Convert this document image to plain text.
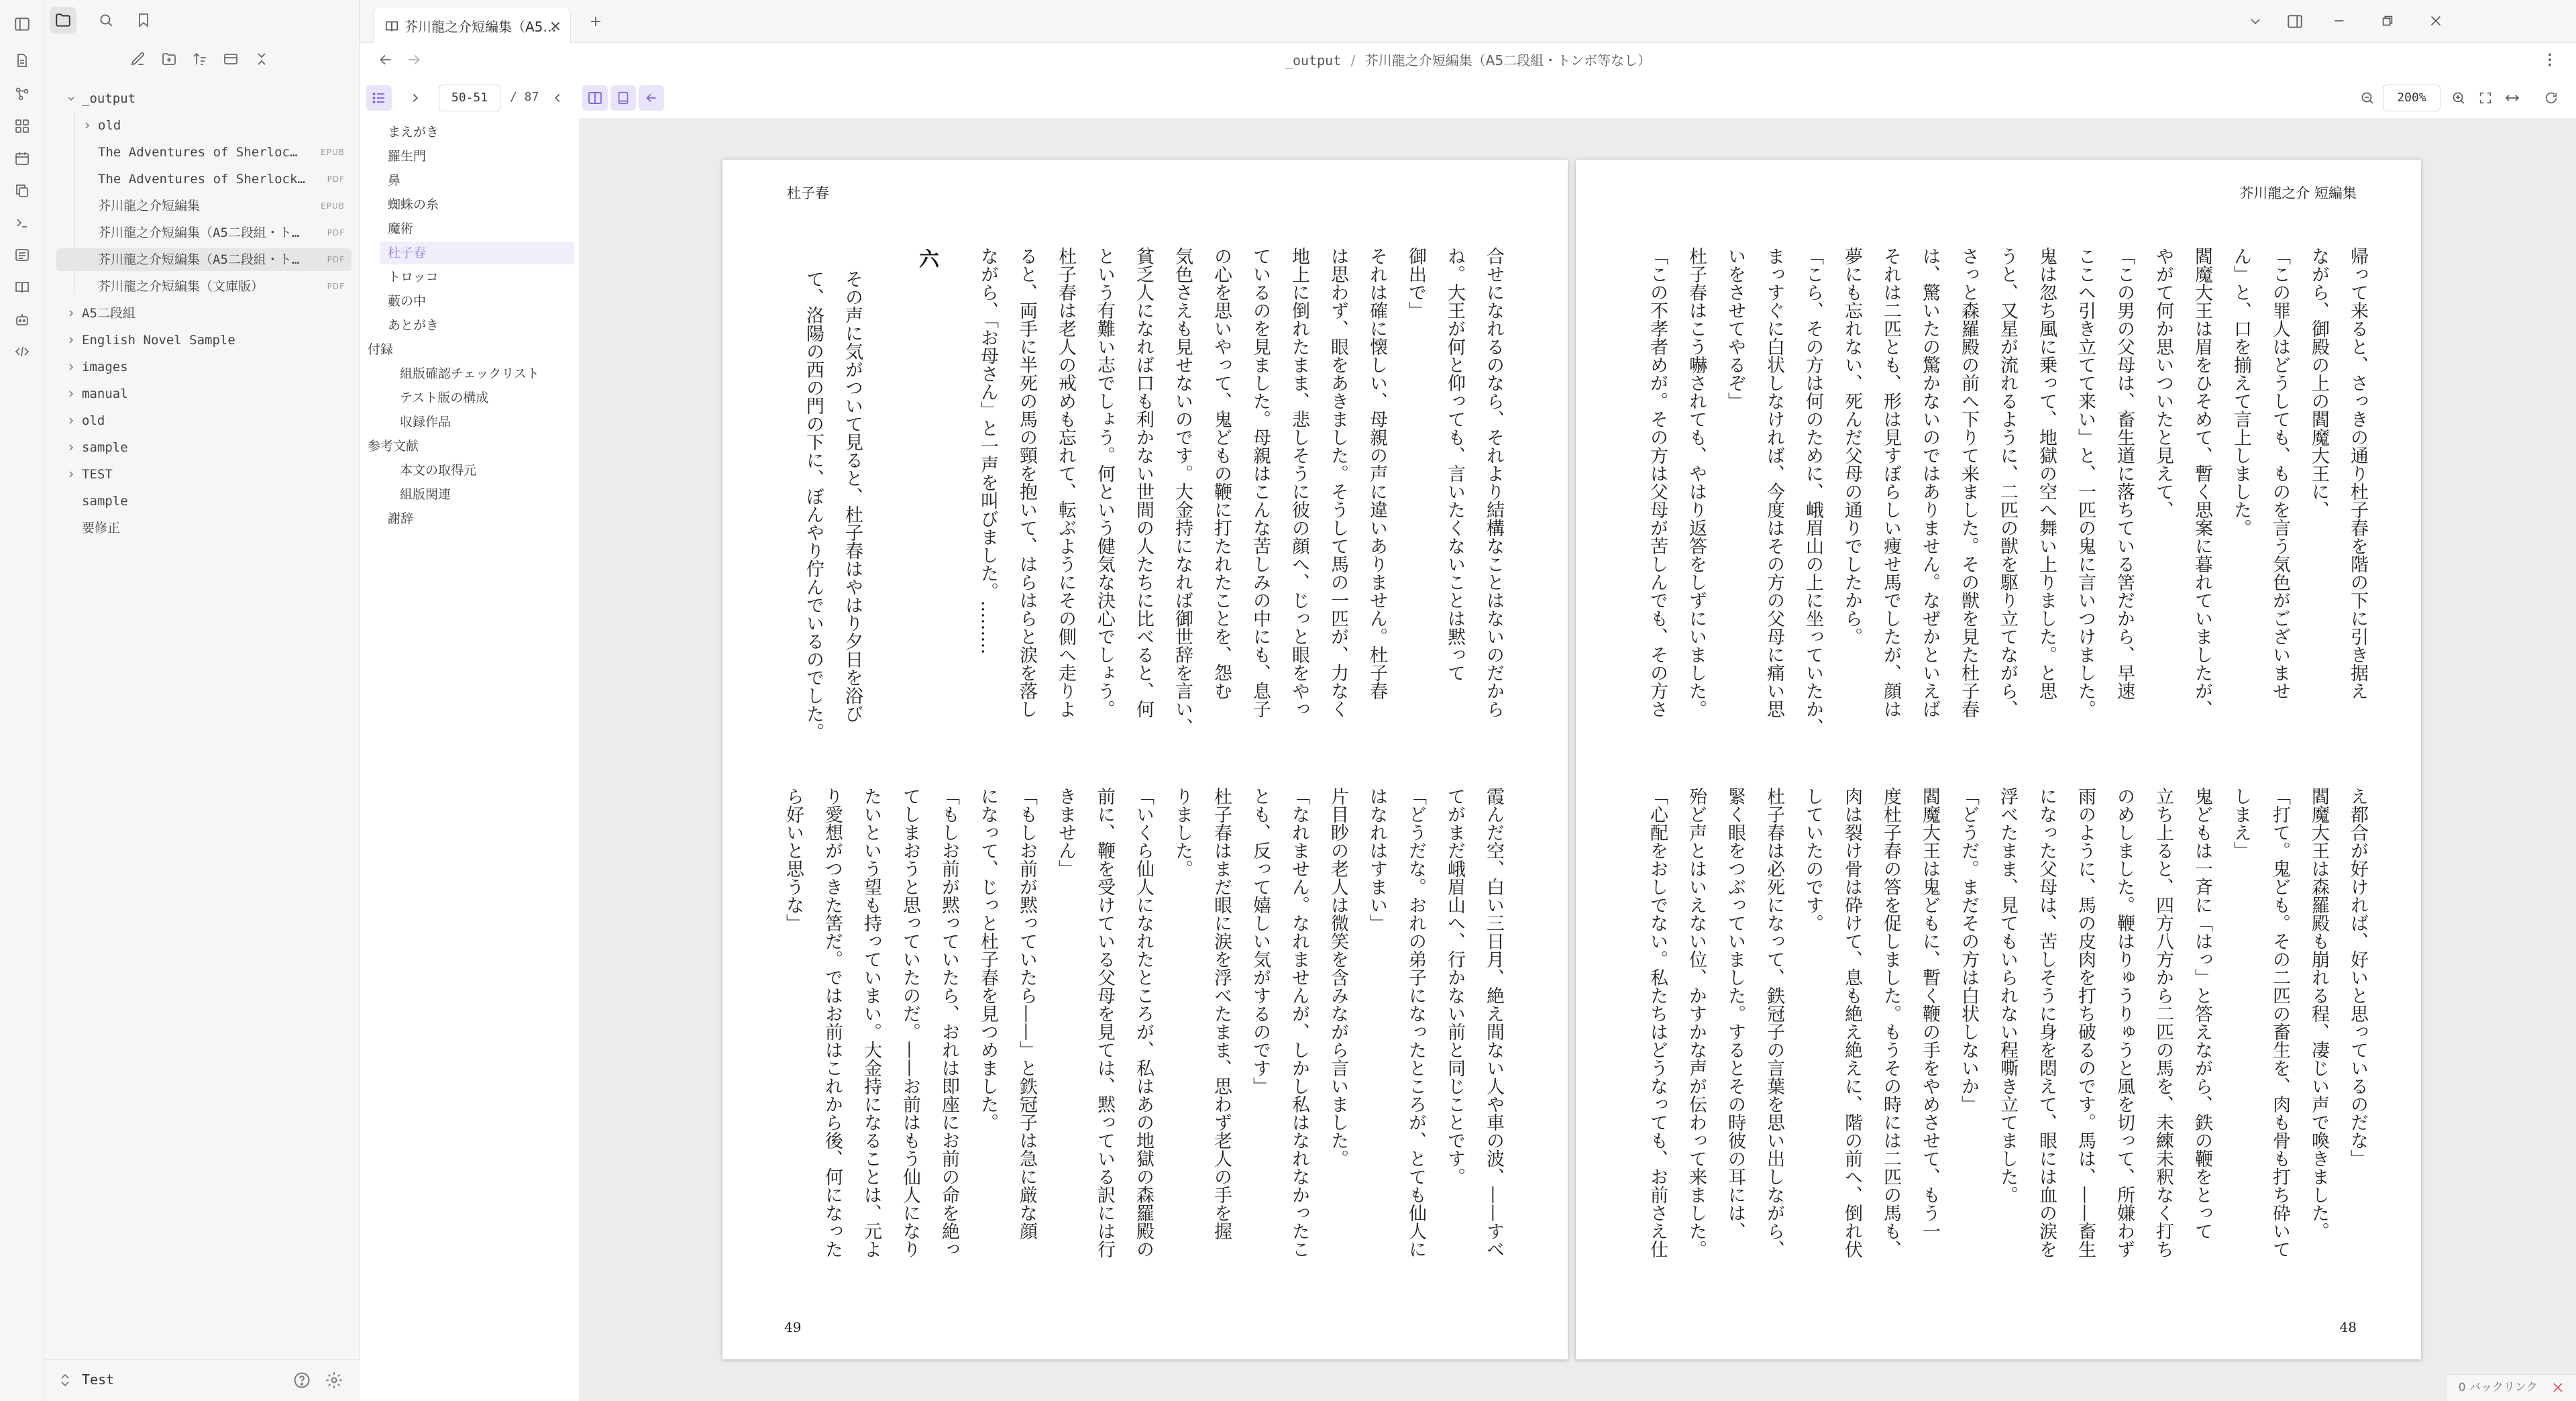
_output
old
The Adventures of Sherloc…	EPUB
The Adventures of Sherlock…	PDF
芥川龍之介短編集	EPUB
芥川龍之介短編集（A5二段組・ト…	PDF
芥川龍之介短編集（A5二段組・ト…	PDF
芥川龍之介短編集（文庫版）	PDF
A5二段組
English Novel Sample
images
manual
old
sample
TEST
sample
要修正
Test
芥川龍之介短編集（A5…
_output / 芥川龍之介短編集（A5二段組・トンボ等なし）
50-51	/ 87	200%
まえがき
羅生門
鼻
蜘蛛の糸
魔術
杜子春
トロッコ
藪の中
あとがき
付録
組版確認チェックリスト
テスト版の構成
収録作品
参考文献
本文の取得元
組版関連
謝辞
杜子春
合せになれるのなら、それより結構なことはないのだから
ね。大王が何と仰っても、言いたくないことは黙って
御出で」
それは確に懐しい、母親の声に違いありません。杜子春
は思わず、眼をあきました。そうして馬の一匹が、力なく
地上に倒れたまま、悲しそうに彼の顔へ、じっと眼をやっ
ているのを見ました。母親はこんな苦しみの中にも、息子
の心を思いやって、鬼どもの鞭に打たれたことを、怨む
気色さえも見せないのです。大金持になれば御世辞を言い、
貧乏人になれば口も利かない世間の人たちに比べると、何
という有難い志でしょう。何という健気な決心でしょう。
杜子春は老人の戒めも忘れて、転ぶようにその側へ走りよ
ると、両手に半死の馬の頸を抱いて、はらはらと涙を落し
ながら、「お母さん」と一声を叫びました。………
六
その声に気がついて見ると、杜子春はやはり夕日を浴び
て、洛陽の西の門の下に、ぼんやり佇んでいるのでした。
霞んだ空、白い三日月、絶え間ない人や車の波、——すべ
てがまだ峨眉山へ、行かない前と同じことです。
「どうだな。おれの弟子になったところが、とても仙人に
はなれはすまい」
片目眇の老人は微笑を含みながら言いました。
「なれません。なれませんが、しかし私はなれなかったこ
とも、反って嬉しい気がするのです」
杜子春はまだ眼に涙を浮べたまま、思わず老人の手を握
りました。
「いくら仙人になれたところが、私はあの地獄の森羅殿の
前に、鞭を受けている父母を見ては、黙っている訳には行
きません」
「もしお前が黙っていたら——」と鉄冠子は急に厳な顔
になって、じっと杜子春を見つめました。
「もしお前が黙っていたら、おれは即座にお前の命を絶っ
てしまおうと思っていたのだ。——お前はもう仙人になり
たいという望も持っていまい。大金持になることは、元よ
り愛想がつきた筈だ。ではお前はこれから後、何になった
ら好いと思うな」
49
芥川龍之介 短編集
帰って来ると、さっきの通り杜子春を階の下に引き据え
ながら、御殿の上の閻魔大王に、
「この罪人はどうしても、ものを言う気色がございませ
ん」と、口を揃えて言上しました。
閻魔大王は眉をひそめて、暫く思案に暮れていましたが、
やがて何か思いついたと見えて、
「この男の父母は、畜生道に落ちている筈だから、早速
ここへ引き立てて来い」と、一匹の鬼に言いつけました。
鬼は忽ち風に乗って、地獄の空へ舞い上りました。と思
うと、又星が流れるように、二匹の獣を駆り立てながら、
さっと森羅殿の前へ下りて来ました。その獣を見た杜子春
は、驚いたの驚かないのではありません。なぜかといえば
それは二匹とも、形は見すぼらしい痩せ馬でしたが、顔は
夢にも忘れない、死んだ父母の通りでしたから。
「こら、その方は何のために、峨眉山の上に坐っていたか、
まっすぐに白状しなければ、今度はその方の父母に痛い思
いをさせてやるぞ」
杜子春はこう嚇されても、やはり返答をしずにいました。
「この不孝者めが。その方は父母が苦しんでも、その方さ
え都合が好ければ、好いと思っているのだな」
閻魔大王は森羅殿も崩れる程、凄じい声で喚きました。
「打て。鬼ども。その二匹の畜生を、肉も骨も打ち砕いて
しまえ」
鬼どもは一斉に「はっ」と答えながら、鉄の鞭をとって
立ち上ると、四方八方から二匹の馬を、未練未釈なく打ち
のめしました。鞭はりゅうりゅうと風を切って、所嫌わず
雨のように、馬の皮肉を打ち破るのです。馬は、——畜生
になった父母は、苦しそうに身を悶えて、眼には血の涙を
浮べたまま、見てもいられない程嘶き立てました。
「どうだ。まだその方は白状しないか」
閻魔大王は鬼どもに、暫く鞭の手をやめさせて、もう一
度杜子春の答を促しました。もうその時には二匹の馬も、
肉は裂け骨は砕けて、息も絶え絶えに、階の前へ、倒れ伏
していたのです。
杜子春は必死になって、鉄冠子の言葉を思い出しながら、
緊く眼をつぶっていました。するとその時彼の耳には、
殆ど声とはいえない位、かすかな声が伝わって来ました。
「心配をおしでない。私たちはどうなっても、お前さえ仕
48
0 バックリンク
